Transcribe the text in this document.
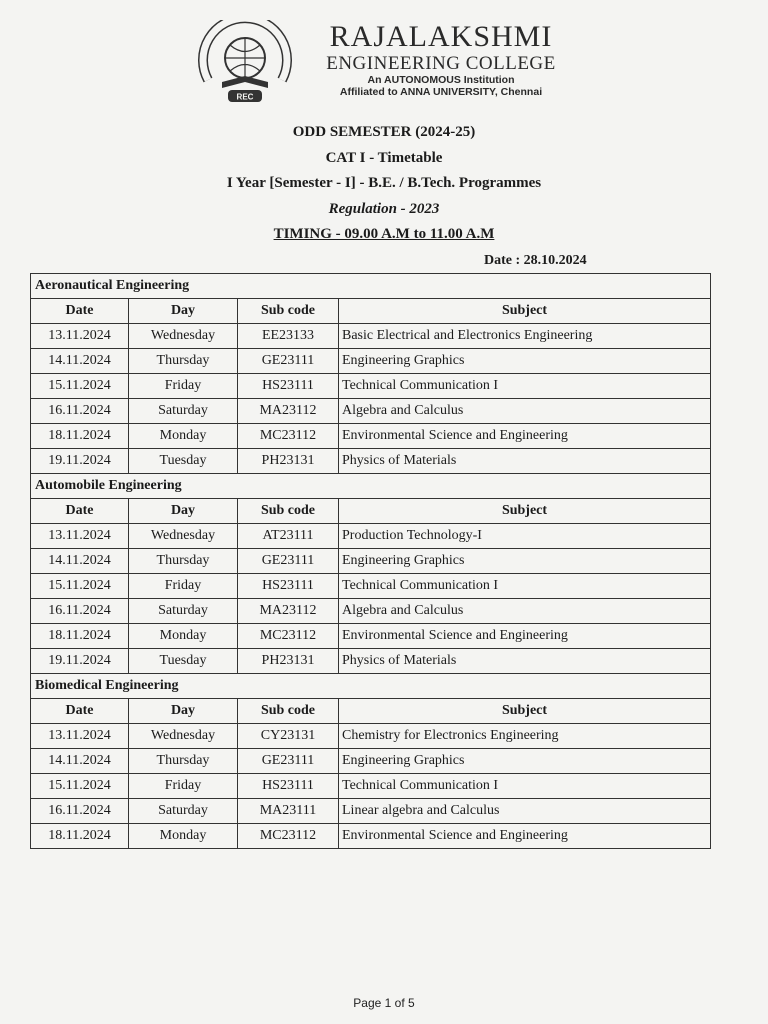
REC
RAJALAKSHMI
ENGINEERING COLLEGE
An AUTONOMOUS Institution
Affiliated to ANNA UNIVERSITY, Chennai
ODD SEMESTER (2024-25)
CAT I - Timetable
I Year [Semester - I] - B.E. / B.Tech. Programmes
Regulation - 2023
TIMING - 09.00 A.M to 11.00 A.M
Date : 28.10.2024
Aeronautical Engineering			
Date	Day	Sub code	Subject
13.11.2024	Wednesday	EE23133	Basic Electrical and Electronics Engineering
14.11.2024	Thursday	GE23111	Engineering Graphics
15.11.2024	Friday	HS23111	Technical Communication I
16.11.2024	Saturday	MA23112	Algebra and Calculus
18.11.2024	Monday	MC23112	Environmental Science and Engineering
19.11.2024	Tuesday	PH23131	Physics of Materials
Automobile Engineering			
Date	Day	Sub code	Subject
13.11.2024	Wednesday	AT23111	Production Technology-I
14.11.2024	Thursday	GE23111	Engineering Graphics
15.11.2024	Friday	HS23111	Technical Communication I
16.11.2024	Saturday	MA23112	Algebra and Calculus
18.11.2024	Monday	MC23112	Environmental Science and Engineering
19.11.2024	Tuesday	PH23131	Physics of Materials
Biomedical Engineering			
Date	Day	Sub code	Subject
13.11.2024	Wednesday	CY23131	Chemistry for Electronics Engineering
14.11.2024	Thursday	GE23111	Engineering Graphics
15.11.2024	Friday	HS23111	Technical Communication I
16.11.2024	Saturday	MA23111	Linear algebra and Calculus
18.11.2024	Monday	MC23112	Environmental Science and Engineering
Page 1 of 5
